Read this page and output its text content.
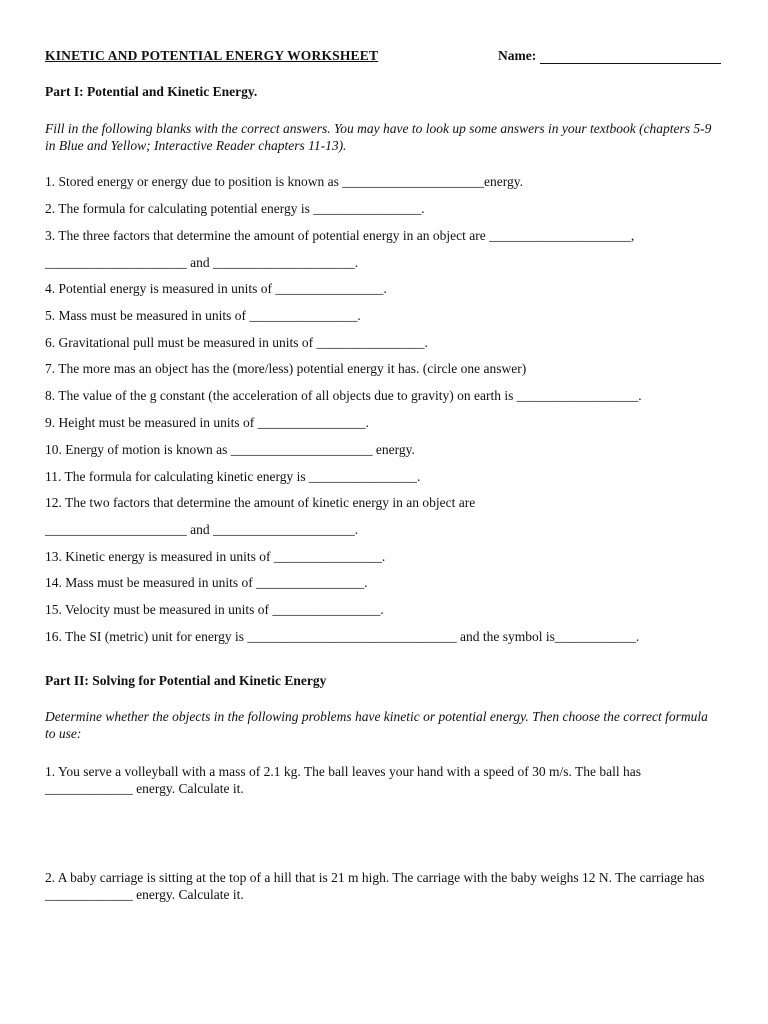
KINETIC AND POTENTIAL ENERGY WORKSHEET	Name:
Part I: Potential and Kinetic Energy.
Fill in the following blanks with the correct answers. You may have to look up some answers in your textbook (chapters 5-9 in Blue and Yellow; Interactive Reader chapters 11-13).
1. Stored energy or energy due to position is known as _____________________energy.
2. The formula for calculating potential energy is ________________.
3. The three factors that determine the amount of potential energy in an object are _____________________,
_____________________ and _____________________.
4. Potential energy is measured in units of ________________.
5. Mass must be measured in units of ________________.
6. Gravitational pull must be measured in units of ________________.
7. The more mas an object has the (more/less) potential energy it has. (circle one answer)
8. The value of the g constant (the acceleration of all objects due to gravity) on earth is __________________.
9. Height must be measured in units of ________________.
10. Energy of motion is known as _____________________ energy.
11. The formula for calculating kinetic energy is ________________.
12. The two factors that determine the amount of kinetic energy in an object are
_____________________ and _____________________.
13. Kinetic energy is measured in units of ________________.
14. Mass must be measured in units of ________________.
15. Velocity must be measured in units of ________________.
16. The SI (metric) unit for energy is _______________________________ and the symbol is____________.
Part II: Solving for Potential and Kinetic Energy
Determine whether the objects in the following problems have kinetic or potential energy. Then choose the correct formula to use:
1. You serve a volleyball with a mass of 2.1 kg. The ball leaves your hand with a speed of 30 m/s. The ball has _____________ energy. Calculate it.
2. A baby carriage is sitting at the top of a hill that is 21 m high. The carriage with the baby weighs 12 N. The carriage has _____________ energy. Calculate it.
